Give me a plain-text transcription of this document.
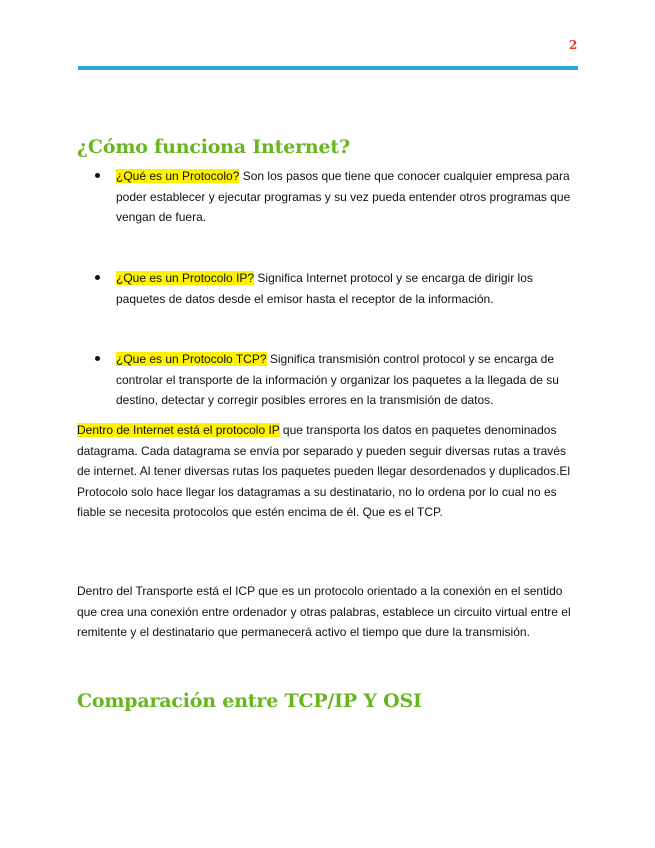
2
¿Cómo funciona Internet?
¿Qué es un Protocolo? Son los pasos que tiene que conocer cualquier empresa para poder establecer y ejecutar programas y su vez pueda entender otros programas que vengan de fuera.
¿Que es un Protocolo IP? Significa Internet protocol y se encarga de dirigir los paquetes de datos desde el emisor hasta el receptor de la información.
¿Que es un Protocolo TCP? Significa transmisión control protocol y se encarga de controlar el transporte de la información y organizar los paquetes a la llegada de su destino, detectar y corregir posibles errores en la transmisión de datos.

Dentro de Internet está el protocolo IP que transporta los datos en paquetes denominados datagrama. Cada datagrama se envía por separado y pueden seguir diversas rutas a través de internet. Al tener diversas rutas los paquetes pueden llegar desordenados y duplicados.El Protocolo solo hace llegar los datagramas a su destinatario, no lo ordena por lo cual no es fiable se necesita protocolos que estén encima de él. Que es el TCP.

Dentro del Transporte está el ICP que es un protocolo orientado a la conexión en el sentido que crea una conexión entre ordenador y otras palabras, establece un circuito virtual entre el remitente y el destinatario que permanecerá activo el tiempo que dure la transmisión.

Comparación entre TCP/IP Y OSI
